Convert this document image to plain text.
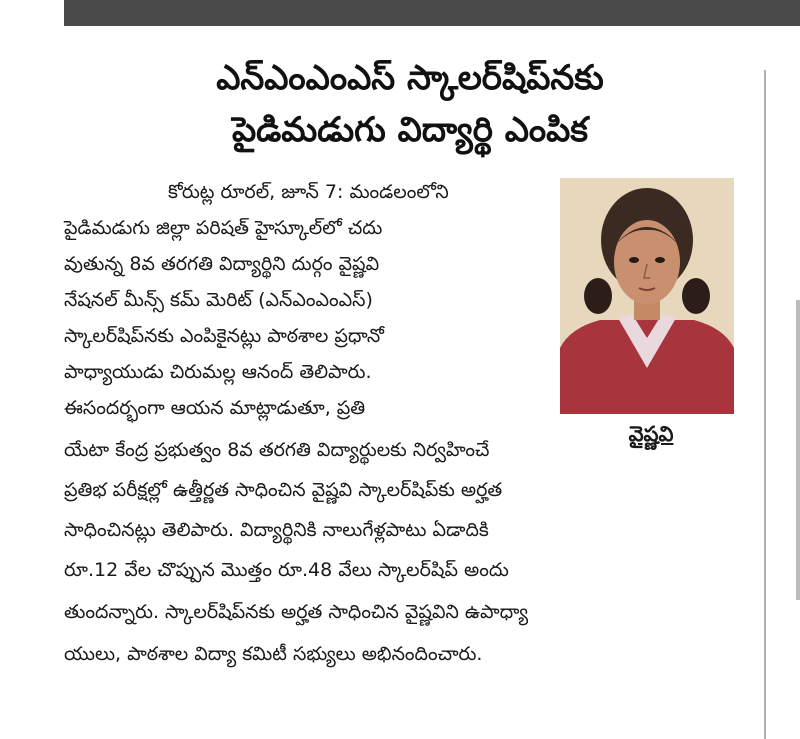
ఎన్‌ఎంఎంఎస్ స్కాలర్‌షిప్‌నకు
పైడిమడుగు విద్యార్థి ఎంపిక
వైష్ణవి

కోరుట్ల రూరల్, జూన్ 7: మండలంలోని

పైడిమడుగు జిల్లా పరిషత్ హైస్కూల్‌లో చదు

వుతున్న 8వ తరగతి విద్యార్థిని దుర్గం వైష్ణవి

నేషనల్ మీన్స్ కమ్ మెరిట్ (ఎన్‌ఎంఎంఎస్)

స్కాలర్‌షిప్‌నకు ఎంపికైనట్లు పాఠశాల ప్రధానో

పాధ్యాయుడు చిరుమల్ల ఆనంద్ తెలిపారు.

ఈసందర్భంగా ఆయన మాట్లాడుతూ, ప్రతి

యేటా కేంద్ర ప్రభుత్వం 8వ తరగతి విద్యార్థులకు నిర్వహించే

ప్రతిభ పరీక్షల్లో ఉత్తీర్ణత సాధించిన వైష్ణవి స్కాలర్‌షిప్‌కు అర్హత

సాధించినట్లు తెలిపారు. విద్యార్థినికి నాలుగేళ్లపాటు ఏడాదికి

రూ.12 వేల చొప్పున మొత్తం రూ.48 వేలు స్కాలర్‌షిప్ అందు

తుందన్నారు. స్కాలర్‌షిప్‌నకు అర్హత సాధించిన వైష్ణవిని ఉపాధ్యా

యులు, పాఠశాల విద్యా కమిటీ సభ్యులు అభినందించారు.
